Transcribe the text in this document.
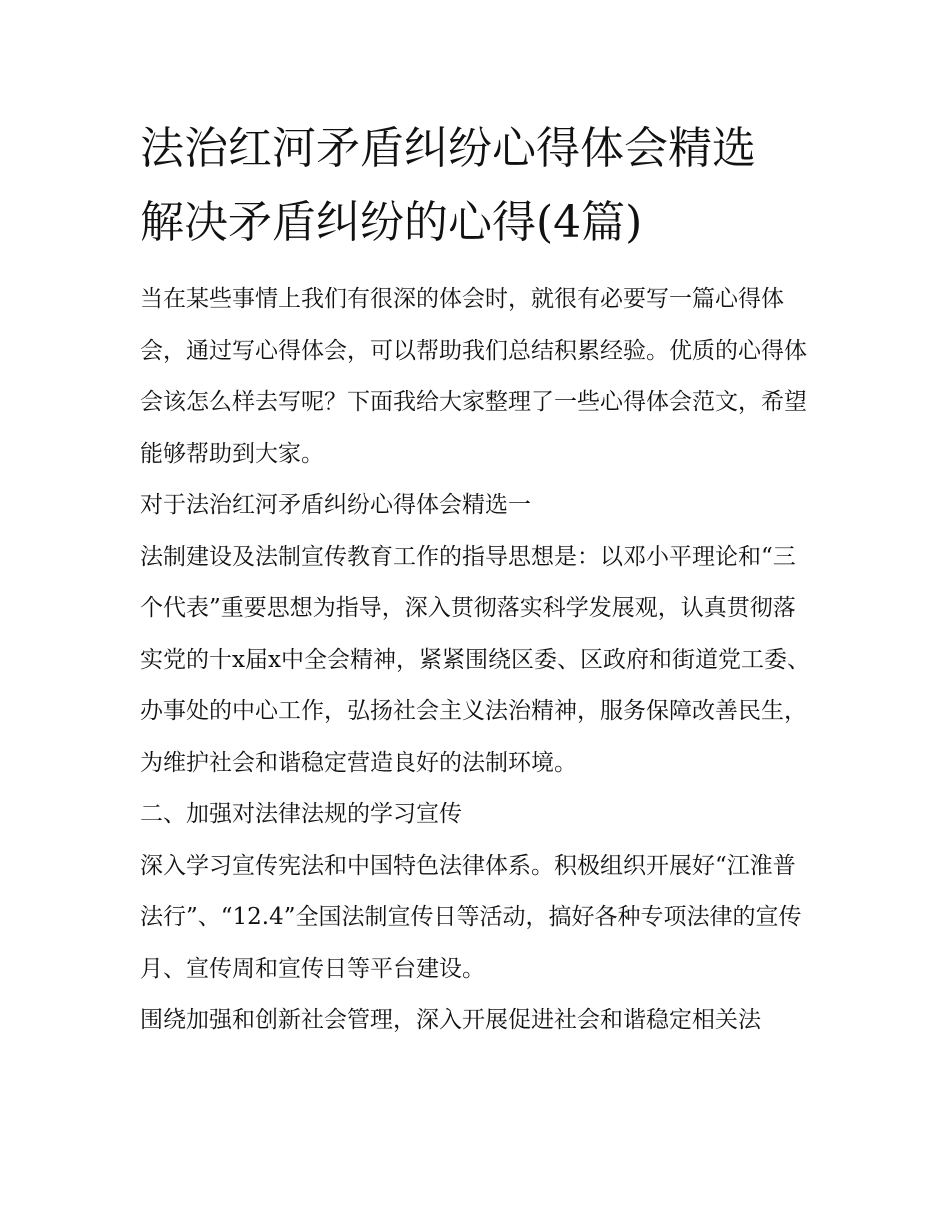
法治红河矛盾纠纷心得体会精选 解决矛盾纠纷的心得(4篇)

当在某些事情上我们有很深的体会时，就很有必要写一篇心得体会，通过写心得体会，可以帮助我们总结积累经验。优质的心得体会该怎么样去写呢？下面我给大家整理了一些心得体会范文，希望能够帮助到大家。

对于法治红河矛盾纠纷心得体会精选一

法制建设及法制宣传教育工作的指导思想是：以邓小平理论和“三个代表”重要思想为指导，深入贯彻落实科学发展观，认真贯彻落实党的十x届x中全会精神，紧紧围绕区委、区政府和街道党工委、办事处的中心工作，弘扬社会主义法治精神，服务保障改善民生，为维护社会和谐稳定营造良好的法制环境。

二、加强对法律法规的学习宣传

深入学习宣传宪法和中国特色法律体系。积极组织开展好“江淮普法行”、“12.4”全国法制宣传日等活动，搞好各种专项法律的宣传月、宣传周和宣传日等平台建设。

围绕加强和创新社会管理，深入开展促进社会和谐稳定相关法
